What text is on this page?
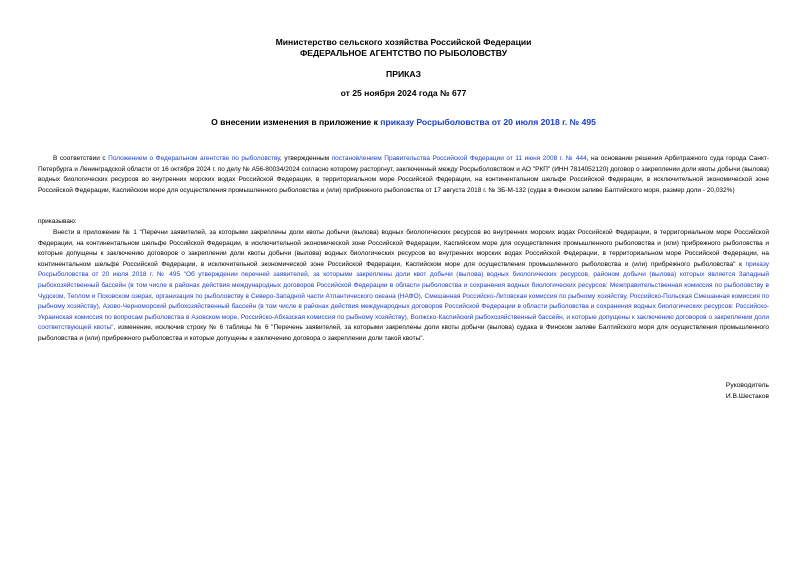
Министерство сельского хозяйства Российской Федерации
ФЕДЕРАЛЬНОЕ АГЕНТСТВО ПО РЫБОЛОВСТВУ
ПРИКАЗ
от 25 ноября 2024 года № 677
О внесении изменения в приложение к приказу Росрыболовства от 20 июля 2018 г. № 495
В соответствии с Положением о Федеральном агентстве по рыболовству, утвержденным постановлением Правительства Российской Федерации от 11 июня 2008 г. № 444, на основании решения Арбитражного суда города Санкт-Петербурга и Ленинградской области от 16 октября 2024 г. по делу № А56-80034/2024 согласно которому расторгнут, заключенный между Росрыболовством и АО "РКП" (ИНН 7814052120) договор о закреплении доли квоты добычи (вылова) водных биологических ресурсов во внутренних морских водах Российской Федерации, в территориальном море Российской Федерации, на континентальном шельфе Российской Федерации, в исключительной экономической зоне Российской Федерации, Каспийском море для осуществления промышленного рыболовства и (или) прибрежного рыболовства от 17 августа 2018 г. № ЗБ-М-132 (судак в Финском заливе Балтийского моря, размер доли - 20,032%)
приказываю:
Внести в приложение № 1 "Перечни заявителей, за которыми закреплены доли квоты добычи (вылова) водных биологических ресурсов во внутренних морских водах Российской Федерации, в территориальном море Российской Федерации, на континентальном шельфе Российской Федерации, в исключительной экономической зоне Российской Федерации, Каспийском море для осуществления промышленного рыболовства и (или) прибрежного рыболовства и которые допущены к заключению договоров о закреплении доли квоты добычи (вылова) водных биологических ресурсов во внутренних морских водах Российской Федерации, в территориальном море Российской Федерации, на континентальном шельфе Российской Федерации, в исключительной экономической зоне Российской Федерации, Каспийском море для осуществления промышленного рыболовства и (или) прибрежного рыболовства" к приказу Росрыболовства от 20 июля 2018 г. № 495 "Об утверждении перечней заявителей, за которыми закреплены доли квот добычи (вылова) водных биологических ресурсов, районом добычи (вылова) которых является Западный рыбохозяйственный бассейн (в том числе в районах действия международных договоров Российской Федерации в области рыболовства и сохранения водных биологических ресурсов: Межправительственная комиссия по рыболовству в Чудском, Теплом и Псковском озерах, организация по рыболовству в Северо-Западной части Атлантического океана (НАФО), Смешанная Российско-Литовская комиссия по рыбному хозяйству, Российско-Польская Смешанная комиссия по рыбному хозяйству), Азово-Черноморский рыбохозяйственный бассейн (в том числе в районах действия международных договоров Российской Федерации в области рыболовства и сохранения водных биологических ресурсов: Российско-Украинская комиссия по вопросам рыболовства в Азовском море, Российско-Абхазская комиссия по рыбному хозяйству), Волжско-Каспийский рыбохозяйственный бассейн, и которые допущены к заключению договоров о закреплении доли соответствующей квоты", изменение, исключив строку № 6 таблицы № 6 "Перечень заявителей, за которыми закреплены доли квоты добычи (вылова) судака в Финском заливе Балтийского моря для осуществления промышленного рыболовства и (или) прибрежного рыболовства и которые допущены к заключению договора о закреплении доли такой квоты".
Руководитель
И.В.Шестаков
